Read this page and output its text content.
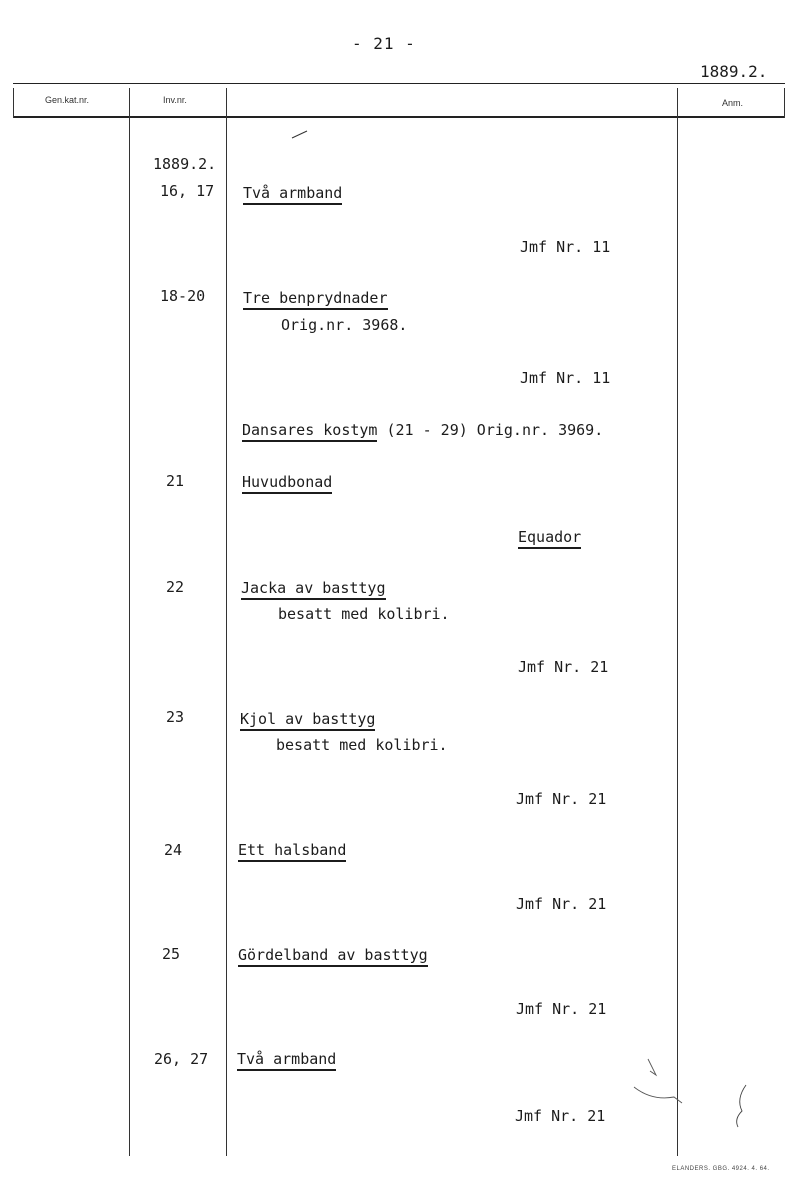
- 21 -
1889.2.
Gen.kat.nr.	Inv.nr.	Anm.
1889.2.
16, 17 Två armband
Jmf Nr. 11
18-20	Tre benprydnader
Orig.nr. 3968.
Jmf Nr. 11
Dansares kostym (21 - 29) Orig.nr. 3969.
21	Huvudbonad
Equador
22	Jacka av basttyg
besatt med kolibri.
Jmf Nr. 21
23	Kjol av basttyg
besatt med kolibri.
Jmf Nr. 21
24	Ett halsband
Jmf Nr. 21
25	Gördelband av basttyg
Jmf Nr. 21
26, 27 Två armband
Jmf Nr. 21
ELANDERS. GBG. 4924. 4. 64.
